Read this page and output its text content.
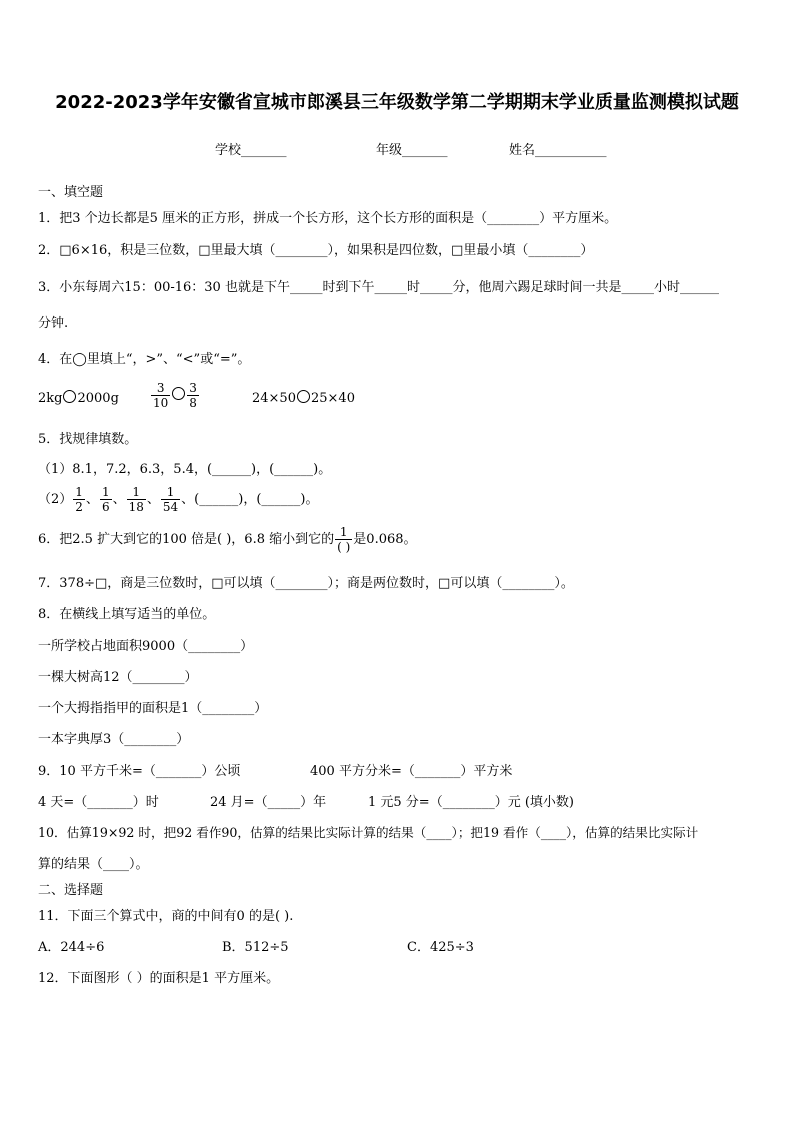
2022-2023学年安徽省宣城市郎溪县三年级数学第二学期期末学业质量监测模拟试题
学校_______	年级_______	姓名___________
一、填空题
1．把3 个边长都是5 厘米的正方形，拼成一个长方形，这个长方形的面积是（________）平方厘米。
2．□6×16，积是三位数，□里最大填（________），如果积是四位数，□里最小填（________）
3．小东每周六15：00-16：30 也就是下午_____时到下午_____时_____分，他周六踢足球时间一共是_____小时______
分钟.
4．在◯里填上“，>”、“<”或“=”。
2kg 2000g	$\frac{3}{10} \frac{3}{8}$	24×50 25×40
5．找规律填数。
（1）8.1，7.2，6.3，5.4，(______)，(______)。
$(2) \frac{1}{2}$ 、 $\frac{1}{6}$ 、 $\frac{1}{18}$ 、 $\frac{1}{54}$ 、(______)，(______)。
6．把2.5 扩大到它的100 倍是( )，6.8 缩小到它的 $\frac{1}{( )}$ 是0.068。
7．378÷□，商是三位数时，□可以填（________）；商是两位数时，□可以填（________）。
8．在横线上填写适当的单位。
一所学校占地面积9000（________）
一棵大树高12（________）
一个大拇指指甲的面积是1（________）
一本字典厚3（________）
9．10 平方千米=（_______）公顷	400 平方分米=（_______）平方米
4 天=（_______）时	24 月=（_____）年	1 元5 分=（________）元 (填小数)
10．估算19×92 时，把92 看作90，估算的结果比实际计算的结果（____）；把19 看作（____），估算的结果比实际计
算的结果（____）。
二、选择题
11．下面三个算式中，商的中间有0 的是( ).
A．244÷6	B．512÷5	C．425÷3
12．下面图形（ ）的面积是1 平方厘米。
